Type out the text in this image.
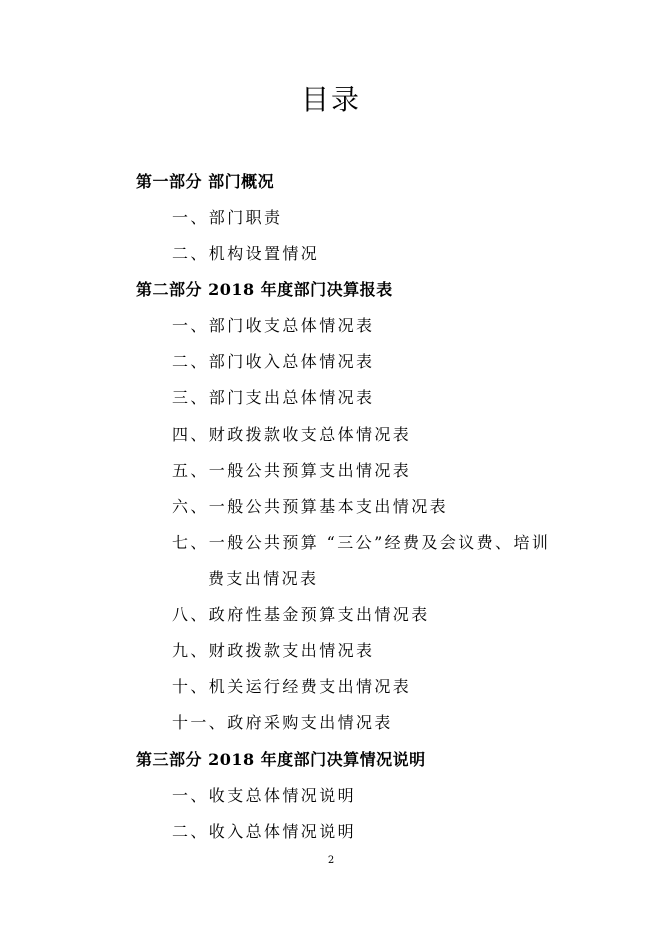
目录
第一部分 部门概况
一、部门职责
二、机构设置情况
第二部分 2018 年度部门决算报表
一、部门收支总体情况表
二、部门收入总体情况表
三、部门支出总体情况表
四、财政拨款收支总体情况表
五、一般公共预算支出情况表
六、一般公共预算基本支出情况表
七、一般公共预算 “三公”经费及会议费、培训
费支出情况表
八、政府性基金预算支出情况表
九、财政拨款支出情况表
十、机关运行经费支出情况表
十一、政府采购支出情况表
第三部分 2018 年度部门决算情况说明
一、收支总体情况说明
二、收入总体情况说明
2
